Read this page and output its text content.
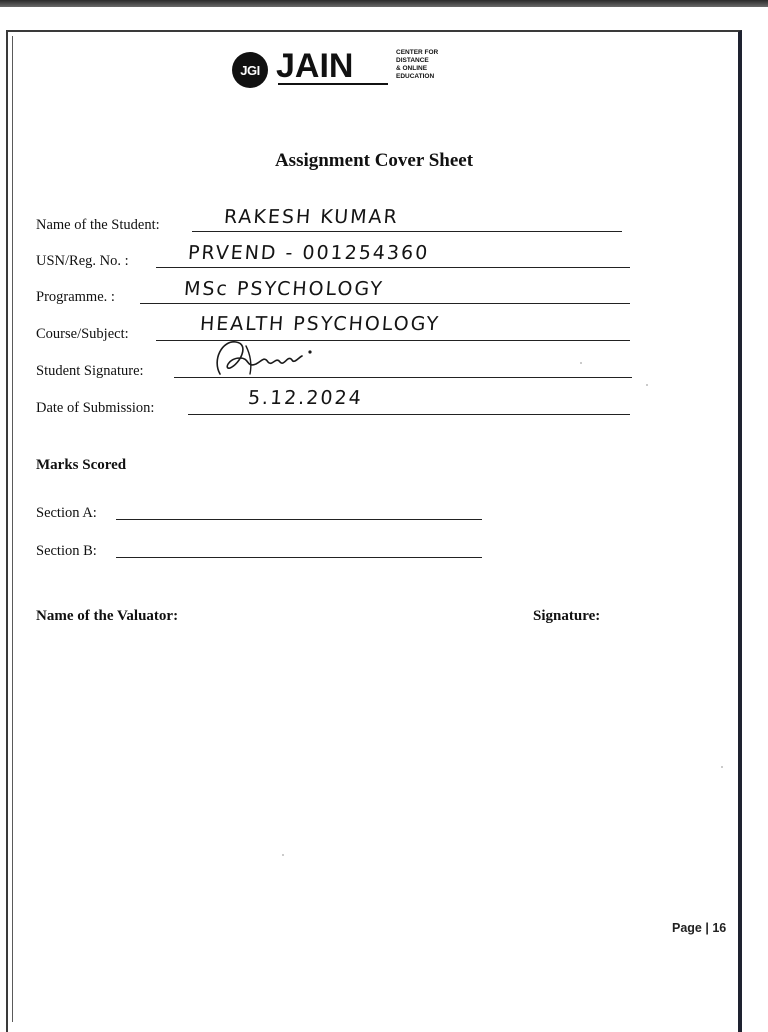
JGI JAIN	CENTER FOR
DISTANCE
& ONLINE
EDUCATION
Assignment Cover Sheet
Name of the Student:	RAKESH KUMAR
USN/Reg. No. :	PRVEND - 001254360
Programme. :	MSc PSYCHOLOGY
Course/Subject:	HEALTH PSYCHOLOGY
Student Signature:
Date of Submission:	5.12.2024
Marks Scored
Section A:
Section B:
Name of the Valuator:	Signature:
Page | 16
